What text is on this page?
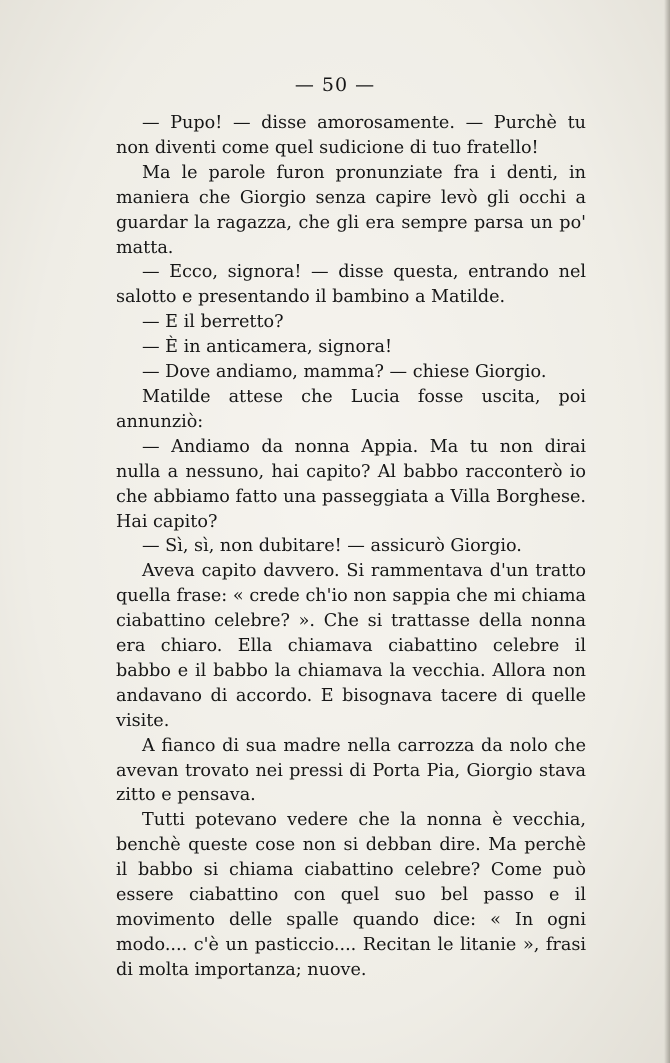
— 50 —

— Pupo! — disse amorosamente. — Purchè tu non diventi come quel sudicione di tuo fratello!

Ma le parole furon pronunziate fra i denti, in maniera che Giorgio senza capire levò gli occhi a guardar la ragazza, che gli era sempre parsa un po' matta.

— Ecco, signora! — disse questa, entrando nel salotto e presentando il bambino a Matilde.

— E il berretto?

— È in anticamera, signora!

— Dove andiamo, mamma? — chiese Giorgio.

Matilde attese che Lucia fosse uscita, poi annunziò:

— Andiamo da nonna Appia. Ma tu non dirai nulla a nessuno, hai capito? Al babbo racconterò io che abbiamo fatto una passeggiata a Villa Borghese. Hai capito?

— Sì, sì, non dubitare! — assicurò Giorgio.

Aveva capito davvero. Si rammentava d'un tratto quella frase: « crede ch'io non sappia che mi chiama ciabattino celebre? ». Che si trattasse della nonna era chiaro. Ella chiamava ciabattino celebre il babbo e il babbo la chiamava la vecchia. Allora non andavano di accordo. E bisognava tacere di quelle visite.

A fianco di sua madre nella carrozza da nolo che avevan trovato nei pressi di Porta Pia, Giorgio stava zitto e pensava.

Tutti potevano vedere che la nonna è vecchia, benchè queste cose non si debban dire. Ma perchè il babbo si chiama ciabattino celebre? Come può essere ciabattino con quel suo bel passo e il movimento delle spalle quando dice: « In ogni modo.... c'è un pasticcio.... Recitan le litanie », frasi di molta importanza; nuove.
